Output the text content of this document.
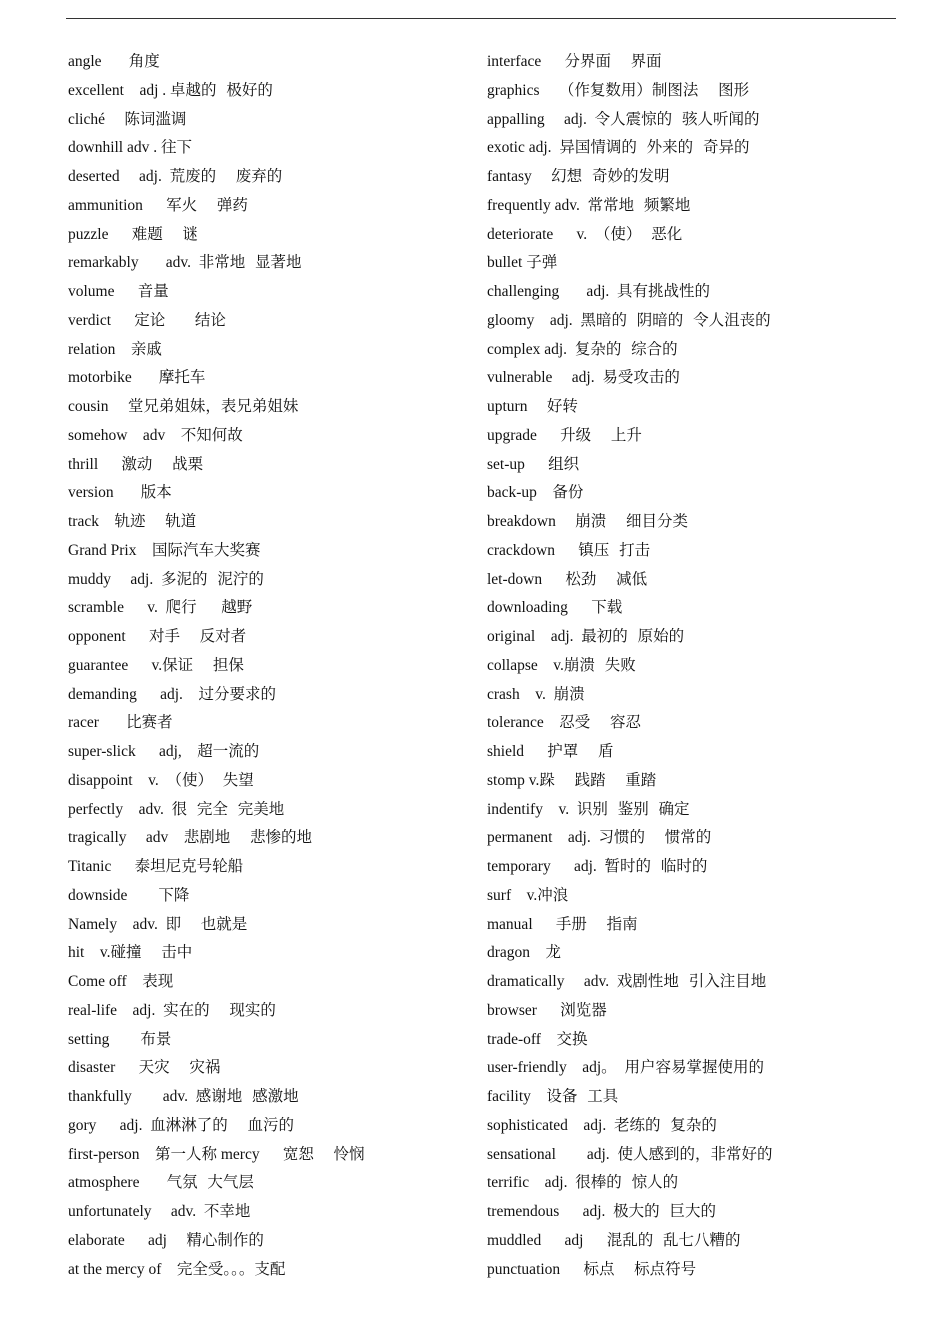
angle       角度
excellent    adj . 卓越的  极好的
cliché     陈词滥调
downhill adv . 往下
deserted     adj.  荒废的    废弃的
ammunition      军火    弹药
puzzle      难题    谜
remarkably       adv.  非常地  显著地
volume      音量
verdict      定论      结论
relation    亲戚
motorbike       摩托车
cousin     堂兄弟姐妹，表兄弟姐妹
somehow    adv    不知何故
thrill      激动    战栗
version       版本
track    轨迹    轨道
Grand Prix    国际汽车大奖赛
muddy     adj.  多泥的  泥泞的
scramble      v.  爬行     越野
opponent      对手    反对者
guarantee      v.保证    担保
demanding      adj.    过分要求的
racer       比赛者
super-slick      adj,    超一流的
disappoint    v.  （使）  失望
perfectly    adv.  很  完全  完美地
tragically     adv    悲剧地    悲惨的地
Titanic      泰坦尼克号轮船
downside        下降
Namely    adv.  即    也就是
hit    v.碰撞    击中
Come off    表现
real-life    adj.  实在的    现实的
setting        布景
disaster      天灾    灾祸
thankfully        adv.  感谢地  感激地
gory      adj.  血淋淋了的    血污的
first-person    第一人称 mercy      宽恕    怜悯
atmosphere       气氛  大气层
unfortunately     adv.  不幸地
elaborate      adj     精心制作的
at the mercy of    完全受。。。支配
interface      分界面    界面
graphics     （作复数用）制图法    图形
appalling     adj.  令人震惊的  骇人听闻的
exotic adj.  异国情调的  外来的  奇异的
fantasy     幻想  奇妙的发明
frequently adv.  常常地  频繁地
deteriorate      v.  （使）  恶化
bullet 子弹
challenging       adj.  具有挑战性的
gloomy    adj.  黑暗的  阴暗的  令人沮丧的
complex adj.  复杂的  综合的
vulnerable     adj.  易受攻击的
upturn     好转
upgrade      升级    上升
set-up      组织
back-up    备份
breakdown     崩溃    细目分类
crackdown      镇压  打击
let-down      松劲    减低
downloading      下载
original    adj.  最初的  原始的
collapse    v.崩溃  失败
crash    v.  崩溃
tolerance    忍受    容忍
shield      护罩    盾
stomp v.跺    践踏    重踏
indentify    v.  识别  鉴别  确定
permanent    adj.  习惯的    惯常的
temporary      adj.  暂时的  临时的
surf    v.冲浪
manual      手册    指南
dragon    龙
dramatically     adv.  戏剧性地  引入注目地
browser      浏览器
trade-off    交换
user-friendly    adj。  用户容易掌握使用的
facility    设备  工具
sophisticated    adj.  老练的  复杂的
sensational        adj.  使人感到的，非常好的
terrific    adj.  很棒的  惊人的
tremendous      adj.  极大的  巨大的
muddled      adj      混乱的  乱七八糟的
punctuation      标点    标点符号
